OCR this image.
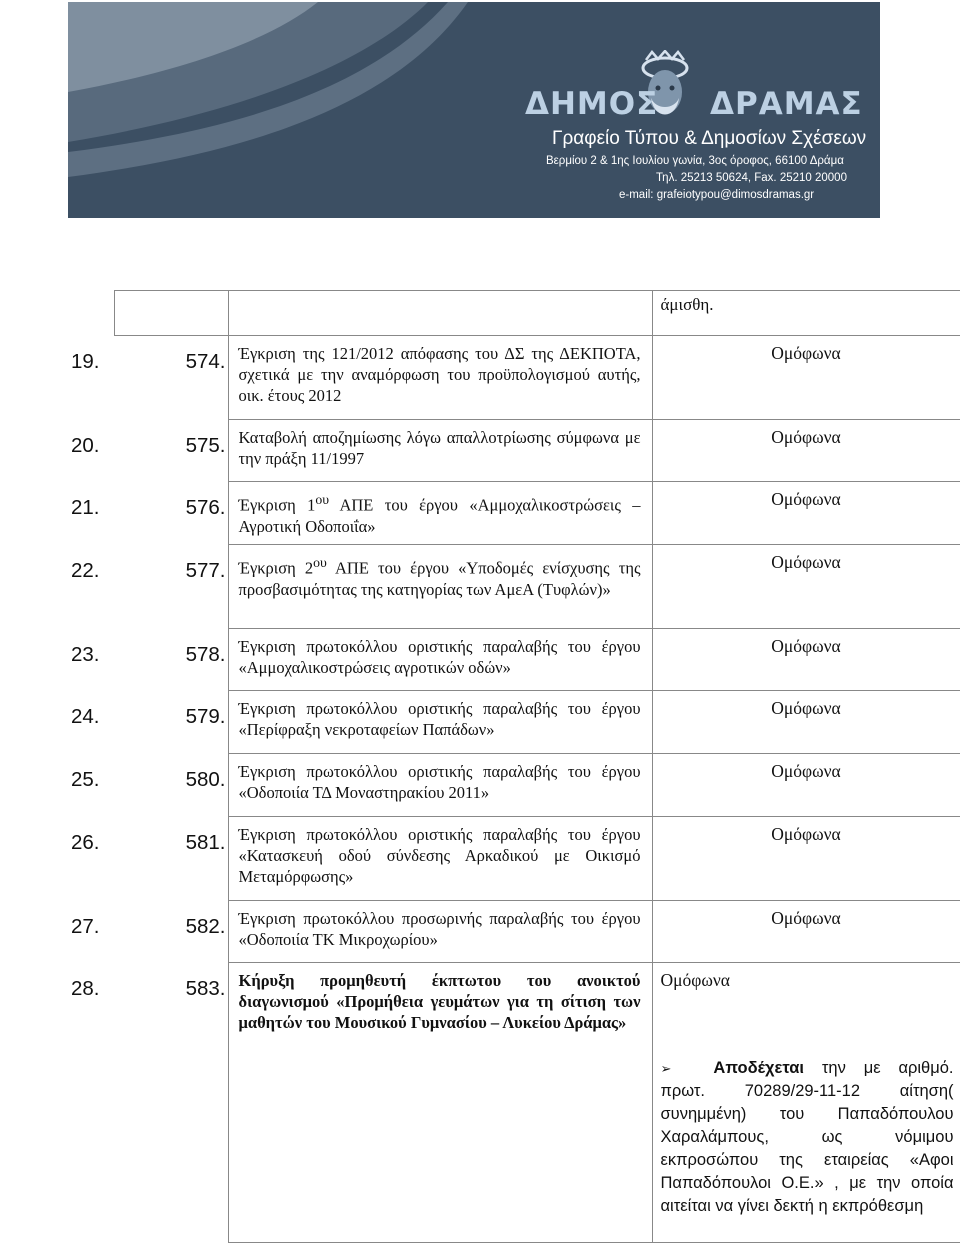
ΔΗΜΟΣ ΔΡΑΜΑΣ
Γραφείο Τύπου & Δημοσίων Σχέσεων
Βερμίου 2 & 1ης Ιουλίου γωνία, 3ος όροφος, 66100 Δράμα
Τηλ. 25213 50624, Fax. 25210 20000
e-mail: grafeiotypou@dimosdramas.gr

			άμισθη.

19.	574.	Έγκριση της 121/2012 απόφασης του ΔΣ της ΔΕΚΠΟΤΑ, σχετικά με την αναμόρφωση του προϋπολογισμού αυτής, οικ. έτους 2012	Ομόφωνα

20.	575.	Καταβολή αποζημίωσης λόγω απαλλοτρίωσης σύμφωνα με την πράξη 11/1997	Ομόφωνα

21.	576.	Έγκριση $1^{o\upsilon}$ ΑΠΕ του έργου «Αμμοχαλικοστρώσεις – Αγροτική Οδοποιΐα»	Ομόφωνα

22.	577.	Έγκριση $2^{o\upsilon}$ ΑΠΕ του έργου «Υποδομές ενίσχυσης της προσβασιμότητας της κατηγορίας των ΑμεΑ (Τυφλών)»	Ομόφωνα

23.	578.	Έγκριση πρωτοκόλλου οριστικής παραλαβής του έργου «Αμμοχαλικοστρώσεις αγροτικών οδών»	Ομόφωνα

24.	579.	Έγκριση πρωτοκόλλου οριστικής παραλαβής του έργου «Περίφραξη νεκροταφείων Παπάδων»	Ομόφωνα

25.	580.	Έγκριση πρωτοκόλλου οριστικής παραλαβής του έργου «Οδοποιία ΤΔ Μοναστηρακίου 2011»	Ομόφωνα

26.	581.	Έγκριση πρωτοκόλλου οριστικής παραλαβής του έργου «Κατασκευή οδού σύνδεσης Αρκαδικού με Οικισμό Μεταμόρφωσης»	Ομόφωνα

27.	582.	Έγκριση πρωτοκόλλου προσωρινής παραλαβής του έργου «Οδοποιία ΤΚ Μικροχωρίου»	Ομόφωνα

28.	583.	Κήρυξη προμηθευτή έκπτωτου του ανοικτού διαγωνισμού «Προμήθεια γευμάτων για τη σίτιση των μαθητών του Μουσικού Γυμνασίου – Λυκείου Δράμας»	Ομόφωνα
➢ Αποδέχεται την με αριθμό. πρωτ. 70289/29-11-12 αίτηση( συνημμένη) του Παπαδόπουλου Χαραλάμπους, ως νόμιμου εκπροσώπου της εταιρείας «Αφοι Παπαδόπουλοι Ο.Ε.» , με την οποία αιτείται να γίνει δεκτή η εκπρόθεσμη
